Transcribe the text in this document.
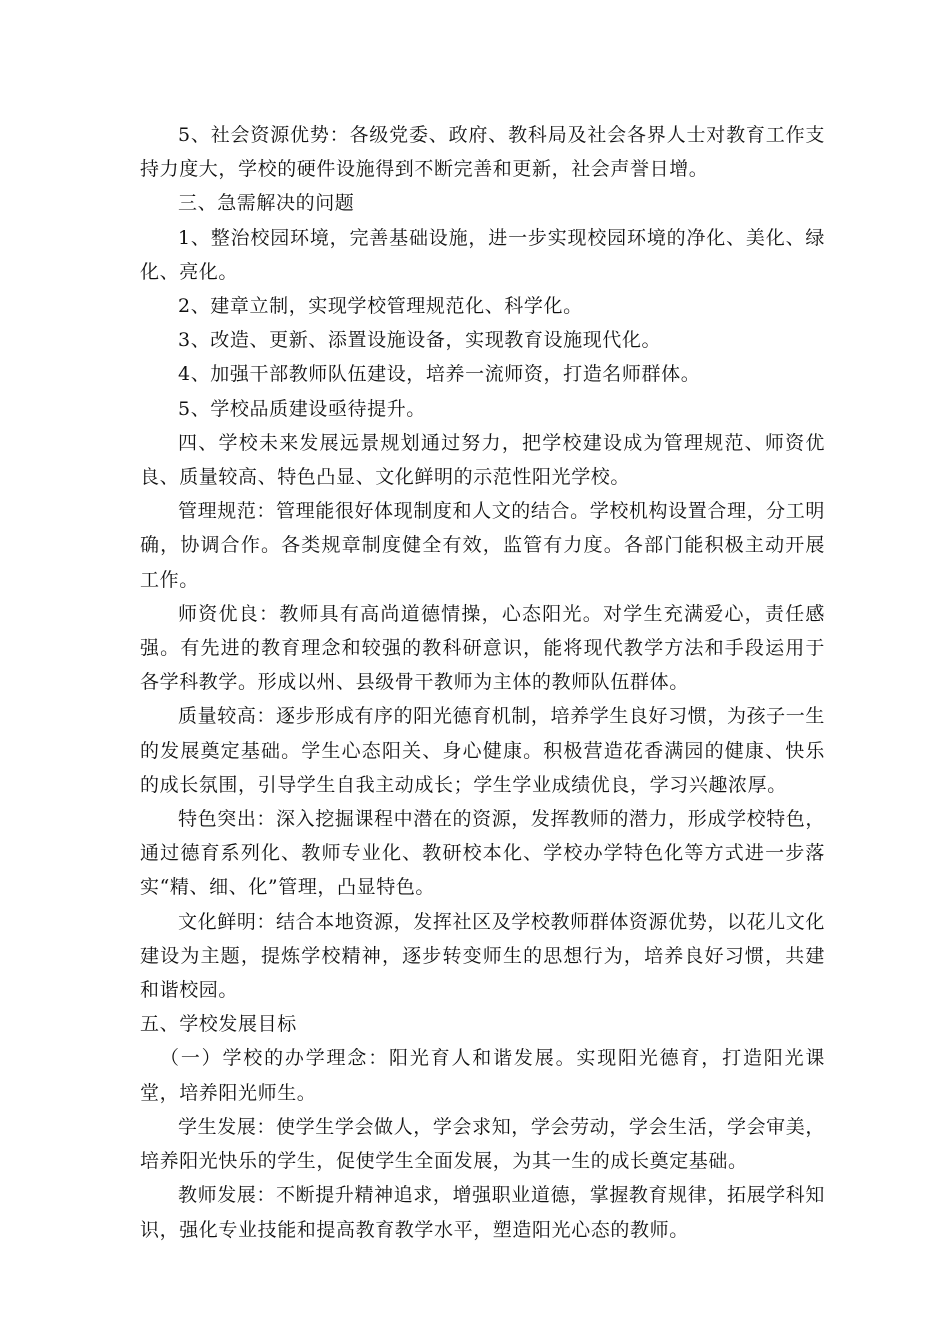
5、社会资源优势：各级党委、政府、教科局及社会各界人士对教育工作支持力度大，学校的硬件设施得到不断完善和更新，社会声誉日增。

三、急需解决的问题

1、整治校园环境，完善基础设施，进一步实现校园环境的净化、美化、绿化、亮化。

2、建章立制，实现学校管理规范化、科学化。

3、改造、更新、添置设施设备，实现教育设施现代化。

4、加强干部教师队伍建设，培养一流师资，打造名师群体。

5、学校品质建设亟待提升。

四、学校未来发展远景规划通过努力，把学校建设成为管理规范、师资优良、质量较高、特色凸显、文化鲜明的示范性阳光学校。

管理规范：管理能很好体现制度和人文的结合。学校机构设置合理，分工明确，协调合作。各类规章制度健全有效，监管有力度。各部门能积极主动开展工作。

师资优良：教师具有高尚道德情操，心态阳光。对学生充满爱心，责任感强。有先进的教育理念和较强的教科研意识，能将现代教学方法和手段运用于各学科教学。形成以州、县级骨干教师为主体的教师队伍群体。

质量较高：逐步形成有序的阳光德育机制，培养学生良好习惯，为孩子一生的发展奠定基础。学生心态阳关、身心健康。积极营造花香满园的健康、快乐的成长氛围，引导学生自我主动成长；学生学业成绩优良，学习兴趣浓厚。

特色突出：深入挖掘课程中潜在的资源，发挥教师的潜力，形成学校特色，通过德育系列化、教师专业化、教研校本化、学校办学特色化等方式进一步落实“精、细、化”管理，凸显特色。

文化鲜明：结合本地资源，发挥社区及学校教师群体资源优势，以花儿文化建设为主题，提炼学校精神，逐步转变师生的思想行为，培养良好习惯，共建和谐校园。

五、学校发展目标

（一）学校的办学理念：阳光育人和谐发展。实现阳光德育，打造阳光课堂，培养阳光师生。

学生发展：使学生学会做人，学会求知，学会劳动，学会生活，学会审美，培养阳光快乐的学生，促使学生全面发展，为其一生的成长奠定基础。

教师发展：不断提升精神追求，增强职业道德，掌握教育规律，拓展学科知识，强化专业技能和提高教育教学水平，塑造阳光心态的教师。
